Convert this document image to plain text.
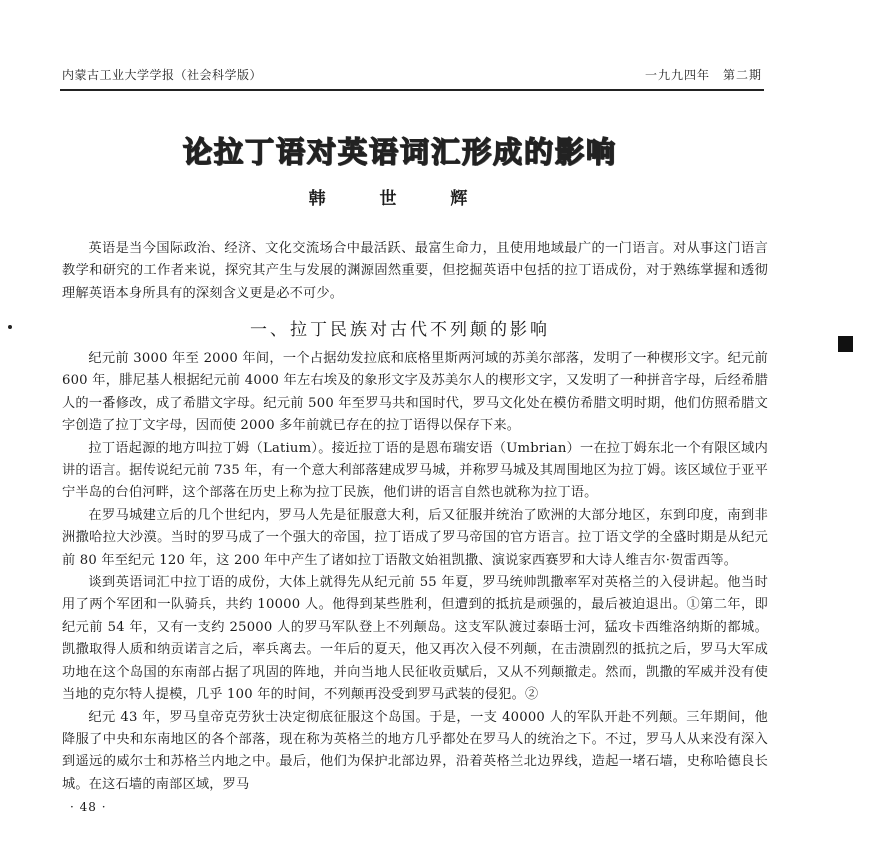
内蒙古工业大学学报（社会科学版）	一九九四年　第二期
论拉丁语对英语词汇形成的影响
韩 世 辉

英语是当今国际政治、经济、文化交流场合中最活跃、最富生命力，且使用地域最广的一门语言。对从事这门语言教学和研究的工作者来说，探究其产生与发展的渊源固然重要，但挖掘英语中包括的拉丁语成份，对于熟练掌握和透彻理解英语本身所具有的深刻含义更是必不可少。

一、拉丁民族对古代不列颠的影响

纪元前 3000 年至 2000 年间，一个占据幼发拉底和底格里斯两河域的苏美尔部落，发明了一种楔形文字。纪元前 600 年，腓尼基人根据纪元前 4000 年左右埃及的象形文字及苏美尔人的楔形文字，又发明了一种拼音字母，后经希腊人的一番修改，成了希腊文字母。纪元前 500 年至罗马共和国时代，罗马文化处在模仿希腊文明时期，他们仿照希腊文字创造了拉丁文字母，因而使 2000 多年前就已存在的拉丁语得以保存下来。

拉丁语起源的地方叫拉丁姆（Latium）。接近拉丁语的是恩布瑞安语（Umbrian）一在拉丁姆东北一个有限区域内讲的语言。据传说纪元前 735 年，有一个意大利部落建成罗马城，并称罗马城及其周围地区为拉丁姆。该区域位于亚平宁半岛的台伯河畔，这个部落在历史上称为拉丁民族，他们讲的语言自然也就称为拉丁语。

在罗马城建立后的几个世纪内，罗马人先是征服意大利，后又征服并统治了欧洲的大部分地区，东到印度，南到非洲撒哈拉大沙漠。当时的罗马成了一个强大的帝国，拉丁语成了罗马帝国的官方语言。拉丁语文学的全盛时期是从纪元前 80 年至纪元 120 年，这 200 年中产生了诸如拉丁语散文始祖凯撒、演说家西赛罗和大诗人维吉尔·贺雷西等。

谈到英语词汇中拉丁语的成份，大体上就得先从纪元前 55 年夏，罗马统帅凯撒率军对英格兰的入侵讲起。他当时用了两个军团和一队骑兵，共约 10000 人。他得到某些胜利，但遭到的抵抗是顽强的，最后被迫退出。①第二年，即纪元前 54 年，又有一支约 25000 人的罗马军队登上不列颠岛。这支军队渡过泰晤士河，猛攻卡西维洛纳斯的都城。凯撒取得人质和纳贡诺言之后，率兵离去。一年后的夏天，他又再次入侵不列颠，在击溃剧烈的抵抗之后，罗马大军成功地在这个岛国的东南部占据了巩固的阵地，并向当地人民征收贡赋后，又从不列颠撤走。然而，凯撒的军威并没有使当地的克尔特人提模，几乎 100 年的时间，不列颠再没受到罗马武装的侵犯。②

纪元 43 年，罗马皇帝克劳狄士决定彻底征服这个岛国。于是，一支 40000 人的军队开赴不列颠。三年期间，他降服了中央和东南地区的各个部落，现在称为英格兰的地方几乎都处在罗马人的统治之下。不过，罗马人从来没有深入到遥远的威尔士和苏格兰内地之中。最后，他们为保护北部边界，沿着英格兰北边界线，造起一堵石墙，史称哈德良长城。在这石墙的南部区域，罗马

· 48 ·
